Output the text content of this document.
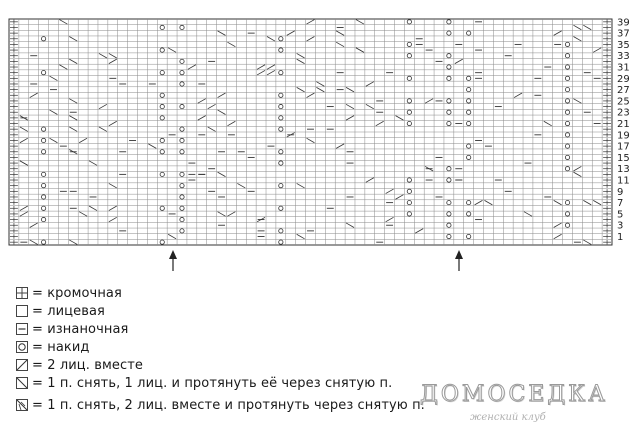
39
37
35
33
31
29
27
25
23
21
19
17
15
13
11
9
7
5
3
1
= кромочная
= лицевая
= изнаночная
= накид
= 2 лиц. вместе
= 1 п. снять, 1 лиц. и протянуть её через снятую п.
= 1 п. снять, 2 лиц. вместе и протянуть через снятую п.
ДОМОСЕДКА
женский клуб
